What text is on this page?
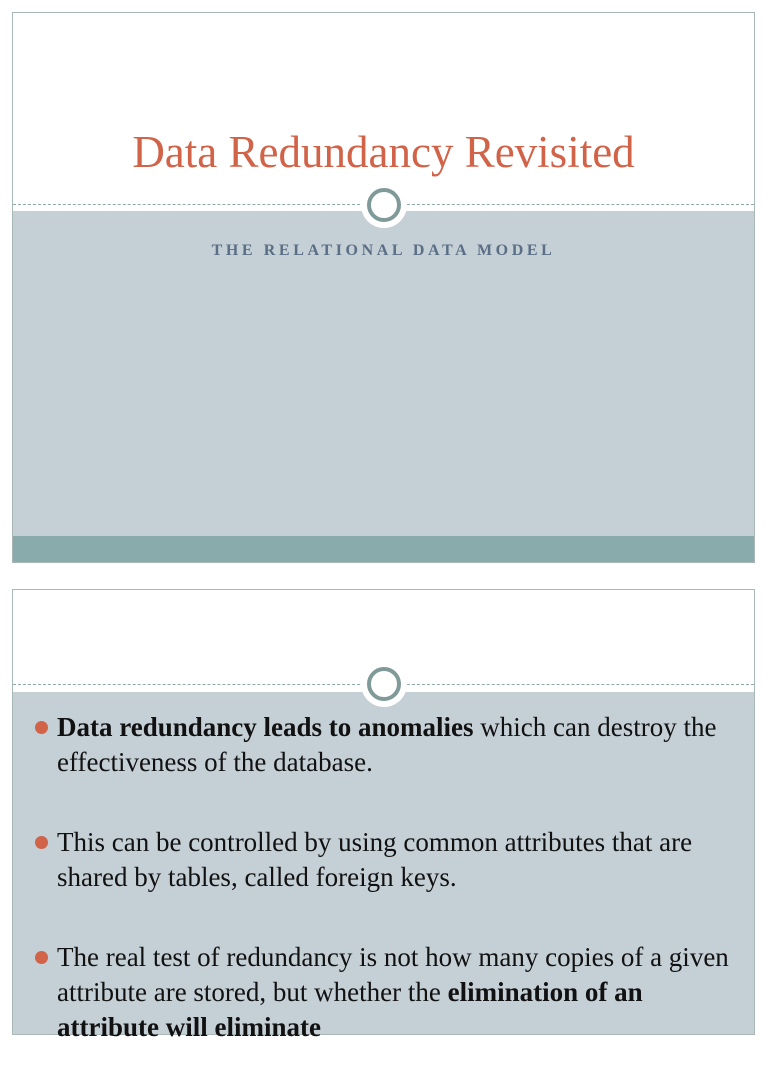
Data Redundancy Revisited
THE RELATIONAL DATA MODEL
Data redundancy leads to anomalies which can destroy the effectiveness of the database.
This can be controlled by using common attributes that are shared by tables, called foreign keys.
The real test of redundancy is not how many copies of a given attribute are stored, but whether the elimination of an attribute will eliminate
